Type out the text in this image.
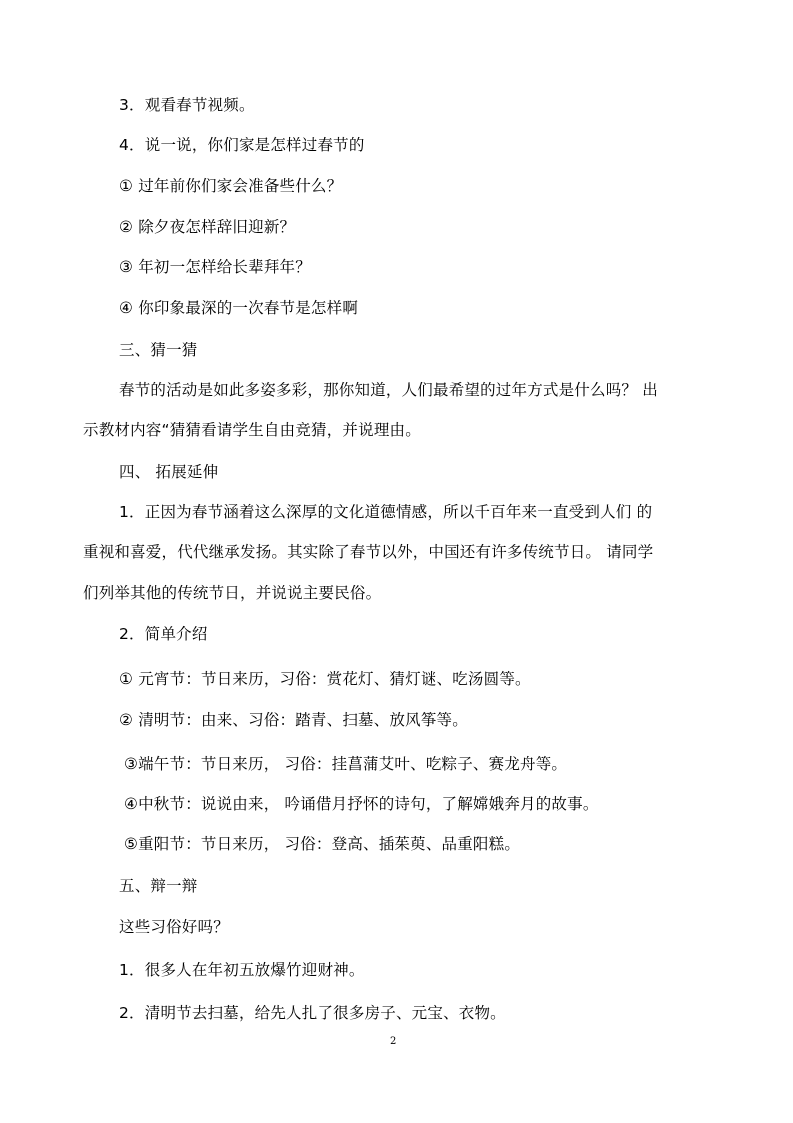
3．观看春节视频。
4．说一说，你们家是怎样过春节的
① 过年前你们家会准备些什么？
② 除夕夜怎样辞旧迎新？
③ 年初一怎样给长辈拜年？
④ 你印象最深的一次春节是怎样啊
三、猜一猜
春节的活动是如此多姿多彩，那你知道，人们最希望的过年方式是什么吗？ 出
示教材内容“猜猜看请学生自由竞猜，并说理由。
四、 拓展延伸
1．正因为春节涵着这么深厚的文化道德情感，所以千百年来一直受到人们 的
重视和喜爱，代代继承发扬。其实除了春节以外，中国还有许多传统节日。 请同学
们列举其他的传统节日，并说说主要民俗。
2．简单介绍
① 元宵节：节日来历，习俗：赏花灯、猜灯谜、吃汤圆等。
② 清明节：由来、习俗：踏青、扫墓、放风筝等。
③端午节：节日来历， 习俗：挂菖蒲艾叶、吃粽子、赛龙舟等。
④中秋节：说说由来， 吟诵借月抒怀的诗句，了解嫦娥奔月的故事。
⑤重阳节：节日来历， 习俗：登高、插茱萸、品重阳糕。
五、辩一辩
这些习俗好吗？
1．很多人在年初五放爆竹迎财神。
2．清明节去扫墓，给先人扎了很多房子、元宝、衣物。
2
